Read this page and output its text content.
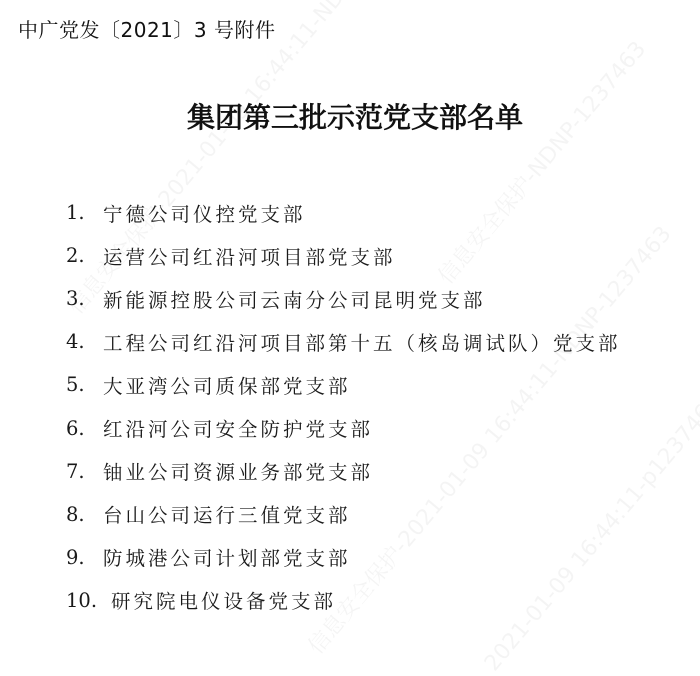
中广党发〔2021〕3 号附件
集团第三批示范党支部名单
1. 宁德公司仪控党支部
2. 运营公司红沿河项目部党支部
3. 新能源控股公司云南分公司昆明党支部
4. 工程公司红沿河项目部第十五（核岛调试队）党支部
5. 大亚湾公司质保部党支部
6. 红沿河公司安全防护党支部
7. 铀业公司资源业务部党支部
8. 台山公司运行三值党支部
9. 防城港公司计划部党支部
10. 研究院电仪设备党支部
